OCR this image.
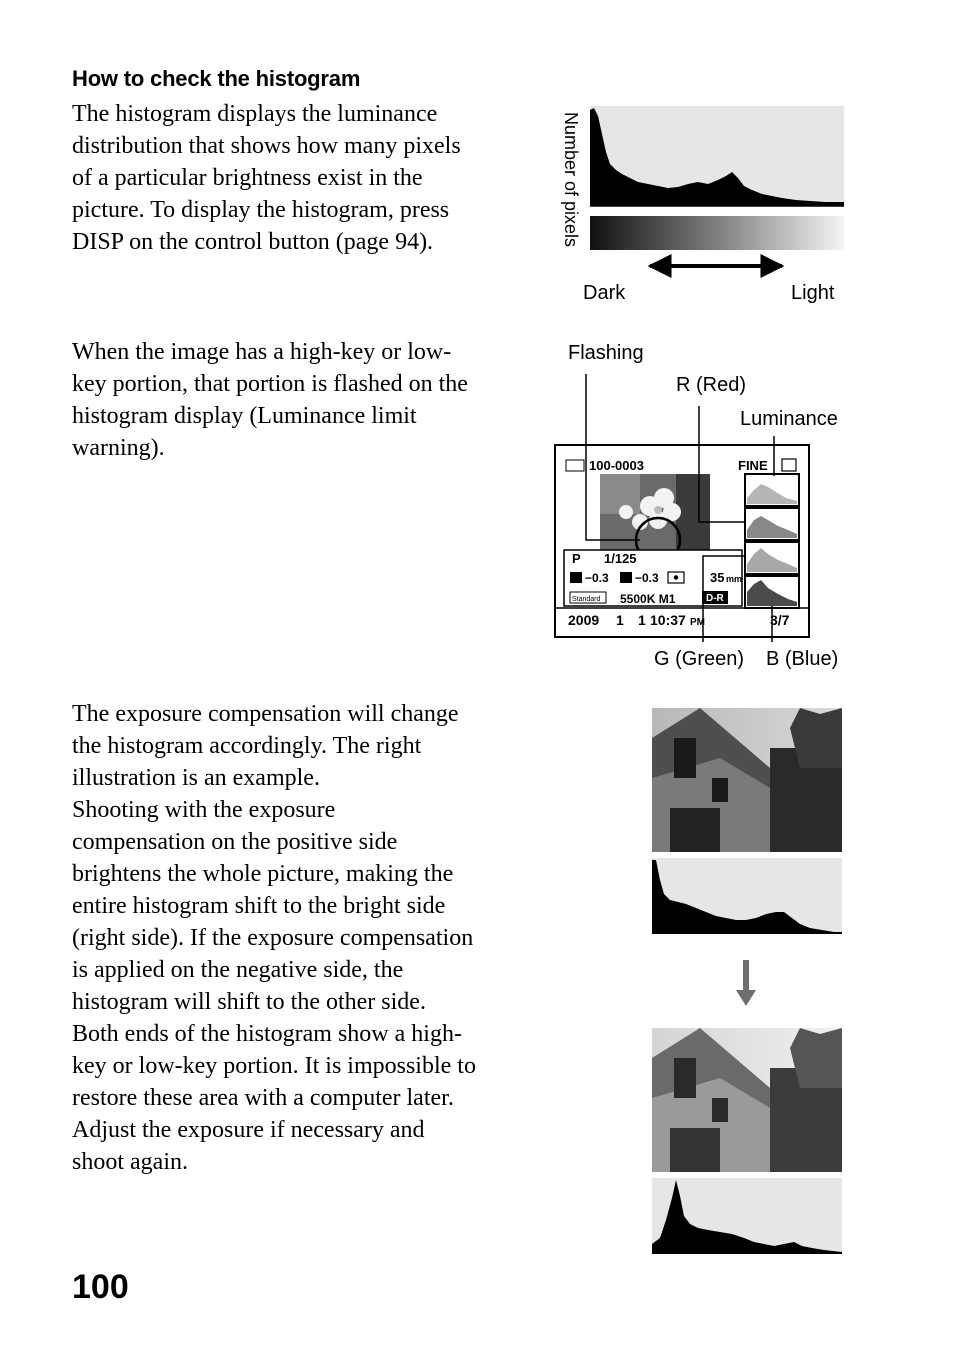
How to check the histogram
The histogram displays the luminance
distribution that shows how many pixels
of a particular brightness exist in the
picture. To display the histogram, press
DISP on the control button (page 94).
When the image has a high-key or low-
key portion, that portion is flashed on the
histogram display (Luminance limit
warning).
The exposure compensation will change
the histogram accordingly. The right
illustration is an example.
Shooting with the exposure
compensation on the positive side
brightens the whole picture, making the
entire histogram shift to the bright side
(right side). If the exposure compensation
is applied on the negative side, the
histogram will shift to the other side.
Both ends of the histogram show a high-
key or low-key portion. It is impossible to
restore these area with a computer later.
Adjust the exposure if necessary and
shoot again.
Number of pixels
Dark	Light
Flashing
R (Red)
Luminance
G (Green) B (Blue)
100-0003	FINE
P 1/125
−0.3 −0.3	35 mm
Standard 5500K M1	D-R
2009 1 1 10:37 PM	3/7
100
